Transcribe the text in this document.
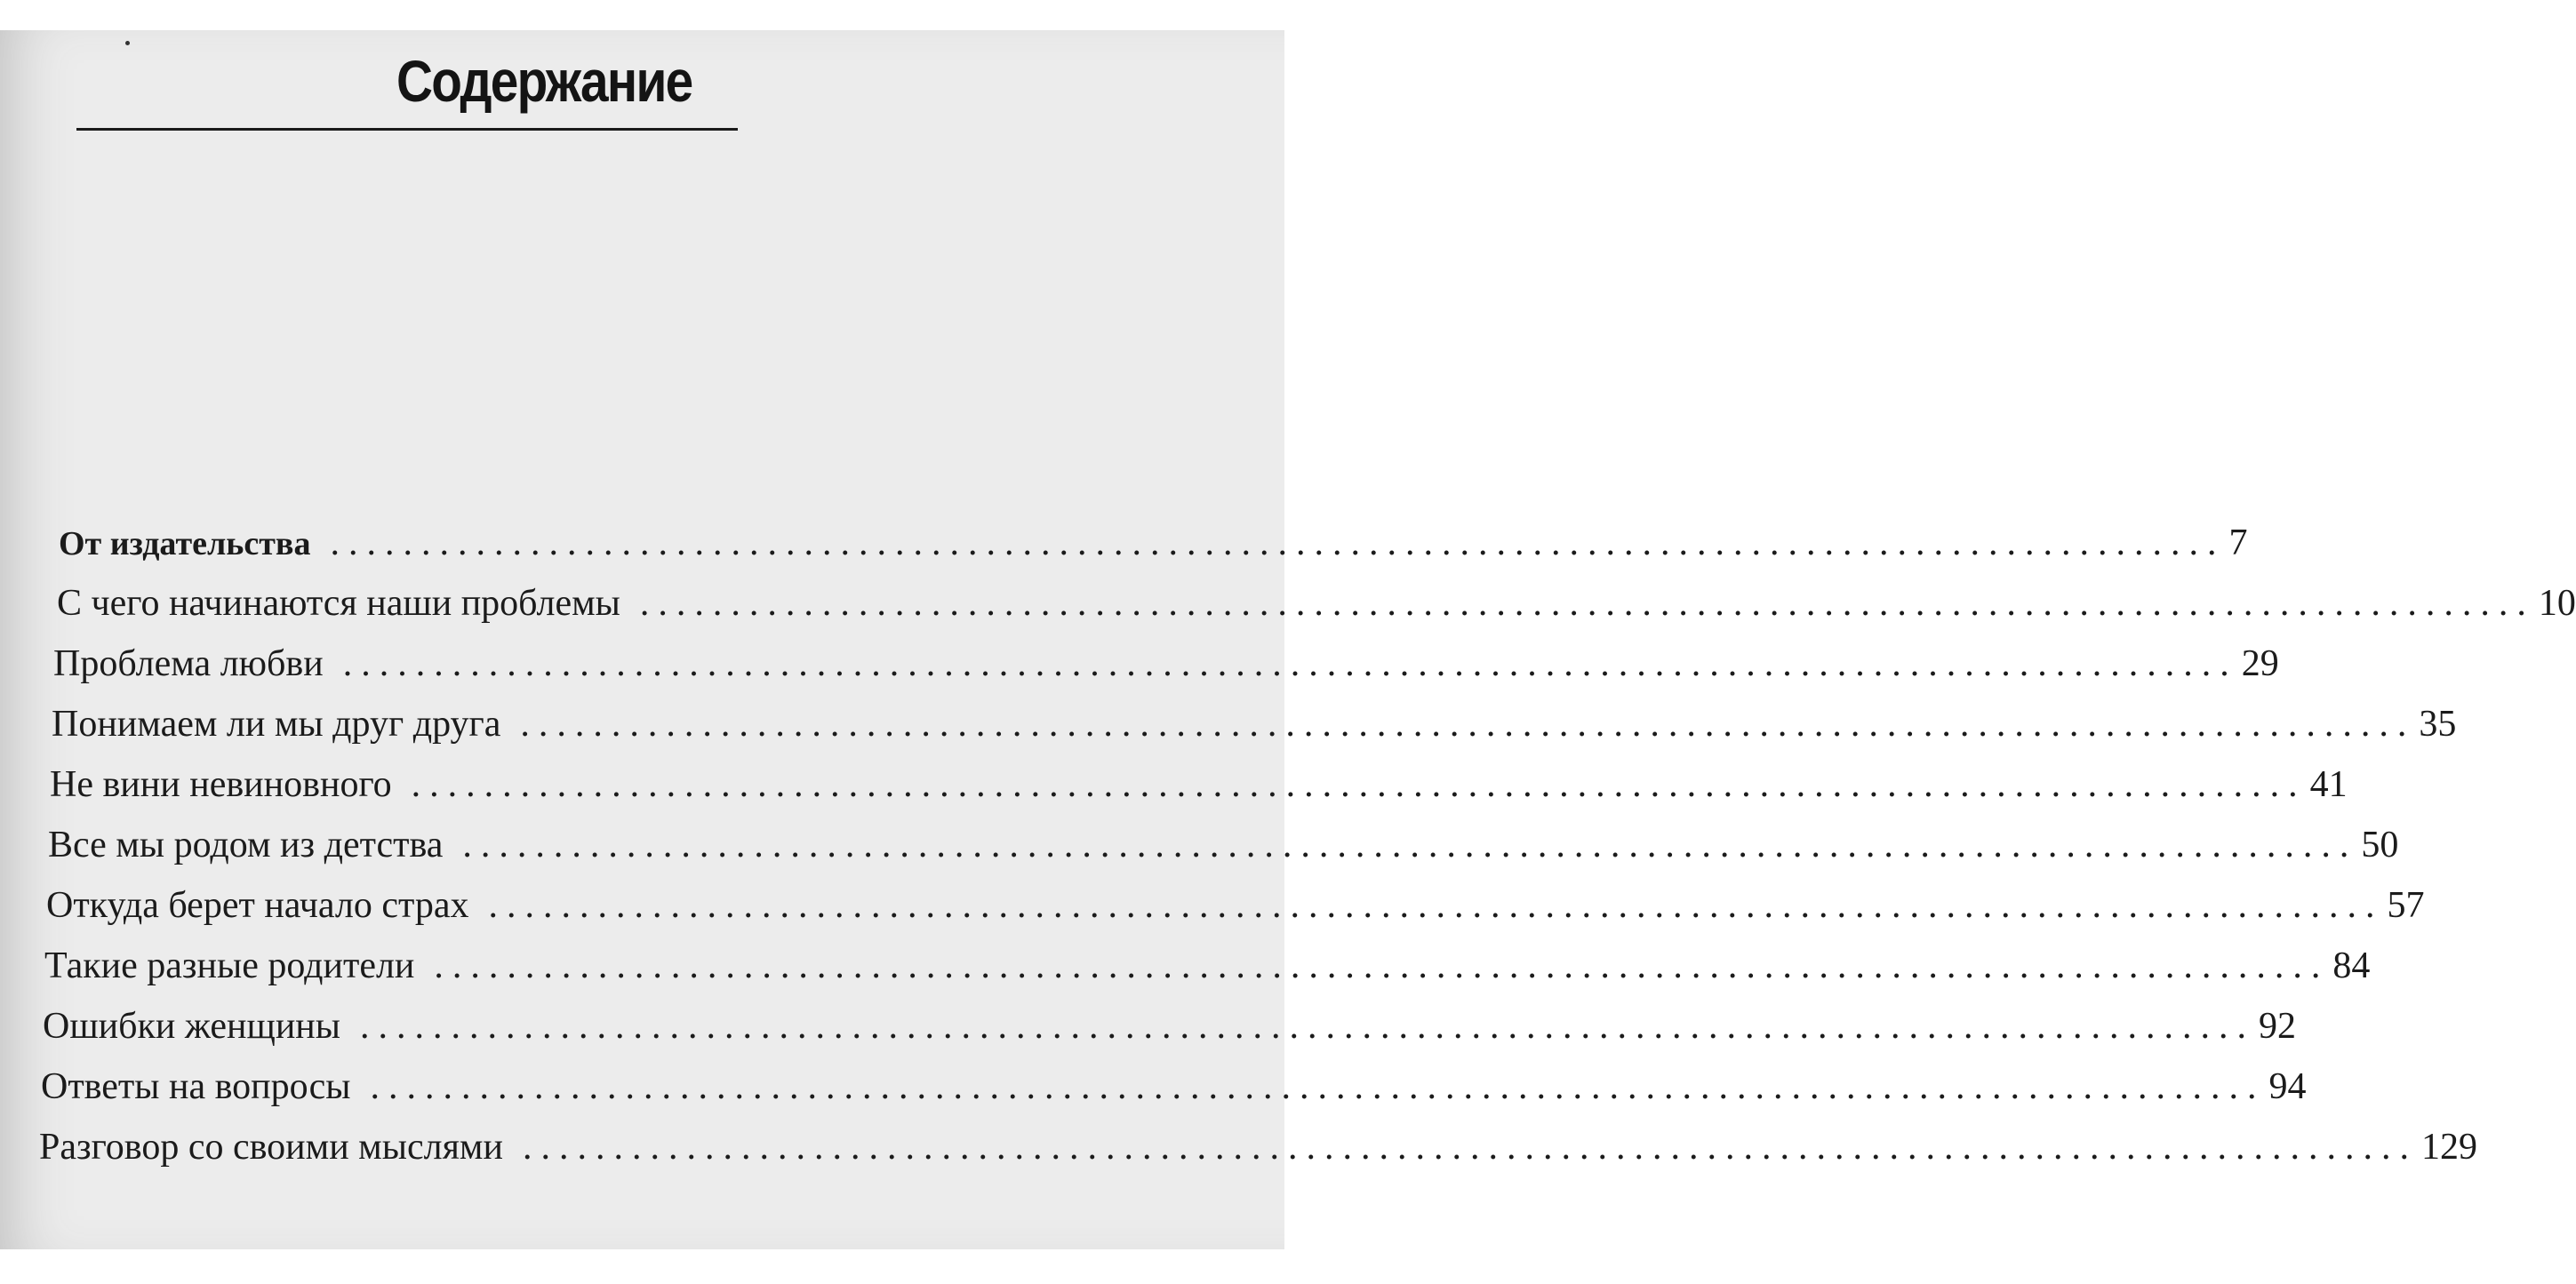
Содержание
От издательства ........................................................................................................ 7
С чего начинаются наши проблемы ........................................................................................................ 10
Проблема любви ........................................................................................................ 29
Понимаем ли мы друг друга ........................................................................................................ 35
Не вини невиновного ........................................................................................................ 41
Все мы родом из детства ........................................................................................................ 50
Откуда берет начало страх ........................................................................................................ 57
Такие разные родители ........................................................................................................ 84
Ошибки женщины ........................................................................................................ 92
Ответы на вопросы ........................................................................................................ 94
Разговор со своими мыслями ........................................................................................................ 129
